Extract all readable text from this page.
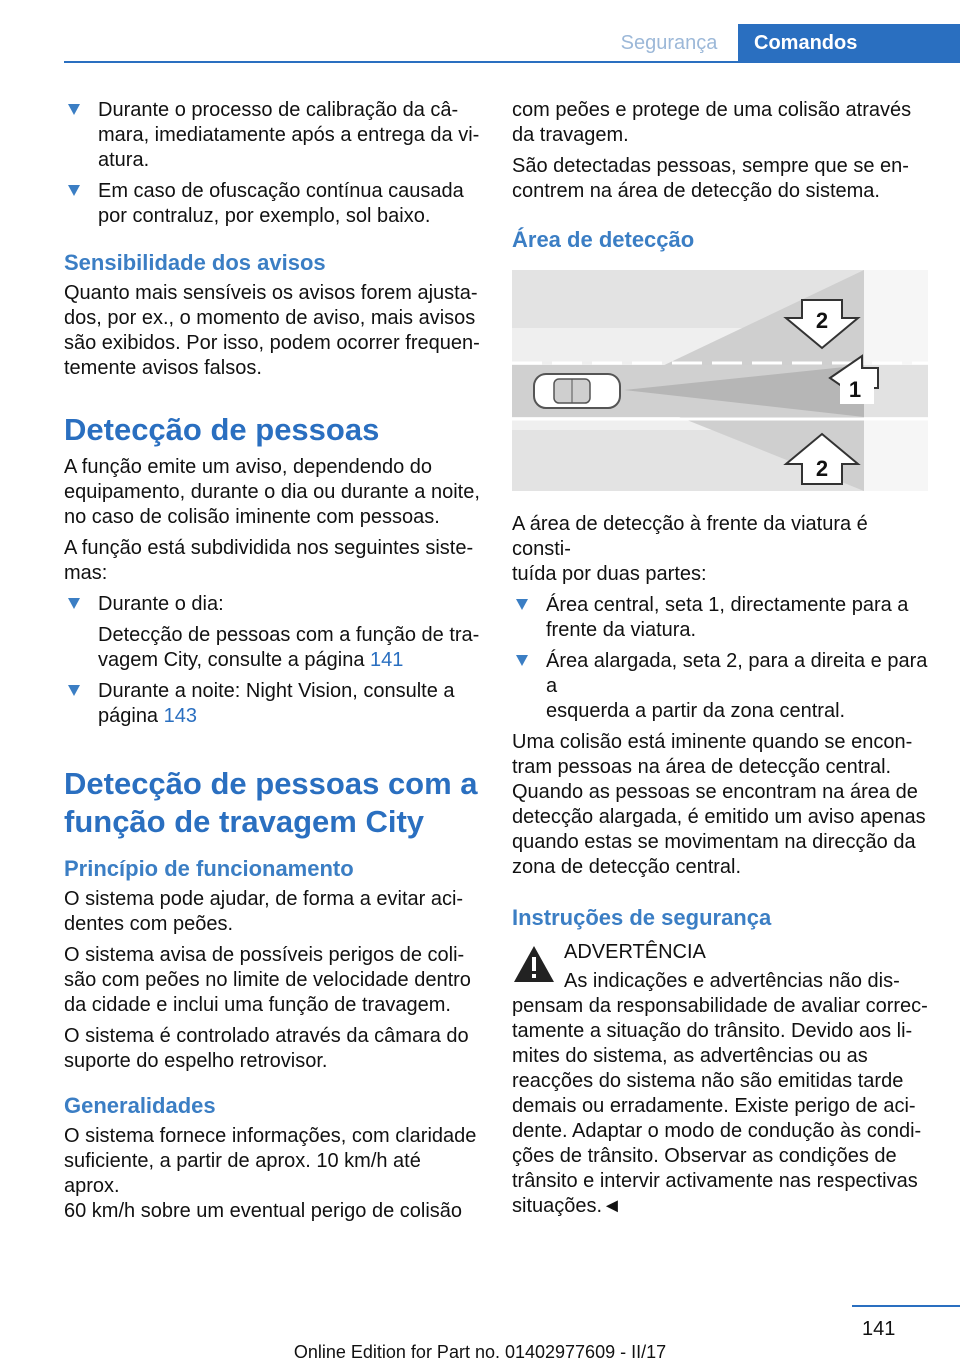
Segurança	Comandos
Durante o processo de calibração da câ-
mara, imediatamente após a entrega da vi-
atura.
Em caso de ofuscação contínua causada
por contraluz, por exemplo, sol baixo.
Sensibilidade dos avisos

Quanto mais sensíveis os avisos forem ajusta-
dos, por ex., o momento de aviso, mais avisos
são exibidos. Por isso, podem ocorrer frequen-
temente avisos falsos.

Detecção de pessoas

A função emite um aviso, dependendo do
equipamento, durante o dia ou durante a noite,
no caso de colisão iminente com pessoas.

A função está subdividida nos seguintes siste-
mas:

Durante o dia:
Detecção de pessoas com a função de tra-
vagem City, consulte a página 141
Durante a noite: Night Vision, consulte a
página 143
Detecção de pessoas com a
função de travagem City
Princípio de funcionamento

O sistema pode ajudar, de forma a evitar aci-
dentes com peões.

O sistema avisa de possíveis perigos de coli-
são com peões no limite de velocidade dentro
da cidade e inclui uma função de travagem.

O sistema é controlado através da câmara do
suporte do espelho retrovisor.

Generalidades

O sistema fornece informações, com claridade
suficiente, a partir de aprox. 10 km/h até aprox.
60 km/h sobre um eventual perigo de colisão

com peões e protege de uma colisão através
da travagem.

São detectadas pessoas, sempre que se en-
contrem na área de detecção do sistema.

Área de detecção
1
2
2

A área de detecção à frente da viatura é consti-
tuída por duas partes:

Área central, seta 1, directamente para a
frente da viatura.
Área alargada, seta 2, para a direita e para a
esquerda a partir da zona central.

Uma colisão está iminente quando se encon-
tram pessoas na área de detecção central.
Quando as pessoas se encontram na área de
detecção alargada, é emitido um aviso apenas
quando estas se movimentam na direcção da
zona de detecção central.

Instruções de segurança

ADVERTÊNCIA

As indicações e advertências não dis-
pensam da responsabilidade de avaliar correc-
tamente a situação do trânsito. Devido aos li-
mites do sistema, as advertências ou as
reacções do sistema não são emitidas tarde
demais ou erradamente. Existe perigo de aci-
dente. Adaptar o modo de condução às condi-
ções de trânsito. Observar as condições de
trânsito e intervir activamente nas respectivas
situações.◄

141
Online Edition for Part no. 01402977609 - II/17
